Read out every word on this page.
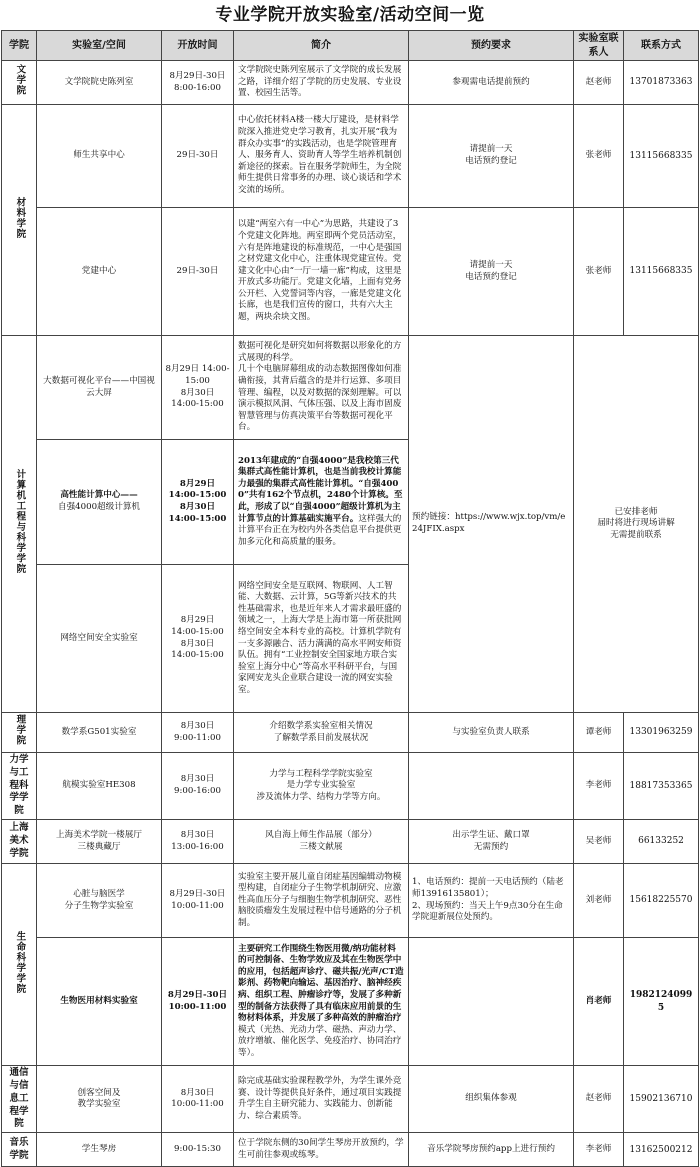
专业学院开放实验室/活动空间一览
学院	实验室/空间	开放时间	简介	预约要求	实验室联系人	联系方式
文学院	文学院院史陈列室	8月29日-30日
8:00-16:00	文学院院史陈列室展示了文学院的成长发展之路，详细介绍了学院的历史发展、专业设置、校园生活等。	参观需电话提前预约	赵老师	13701873363
材料学院	师生共享中心	29日-30日	中心依托材料A楼一楼大厅建设，是材料学院深入推进党史学习教育，扎实开展“我为群众办实事”的实践活动，也是学院管理育人、服务育人、资助育人等学生培养机制创新途径的探索。旨在服务学院师生，为全院师生提供日常事务的办理、谈心谈话和学术交流的场所。	请提前一天
电话预约登记	张老师	13115668335
	党建中心	29日-30日	以建“两室六有一中心”为思路，共建设了3个党建文化阵地。两室即两个党员活动室，六有是阵地建设的标准规范，一中心是强国之材党建文化中心，注重体现党建宣传。党建文化中心由“一厅一墙一廊”构成，这里是开放式多功能厅。党建文化墙，上面有党务公开栏、入党誓词等内容，一廊是党建文化长廊，也是我们宣传的窗口，共有六大主题，两块余块文图。	请提前一天
电话预约登记	张老师	13115668335
计算机工程与科学学院	大数据可视化平台——中国视云大屏	8月29日 14:00-15:00
8月30日
14:00-15:00	数据可视化是研究如何将数据以形象化的方式展现的科学。
几十个电脑屏幕组成的动态数据图像如何准确衔接，其背后蕴含的是并行运算、多项目管理、编程，以及对数据的深刻理解。可以演示模拟风洞、气体压强、以及上海市固废智慧管理与仿真决策平台等数据可视化平台。	预约链接：https://www.wjx.top/vm/e24JFIX.aspx	已安排老师
届时将进行现场讲解
无需提前联系	

	高性能计算中心——
自强4000超级计算机	8月29日
14:00-15:00
8月30日
14:00-15:00	2013年建成的“自强4000”是我校第三代集群式高性能计算机，也是当前我校计算能力最强的集群式高性能计算机。“自强4000”共有162个节点机，2480个计算核。至此，形成了以“自强4000”超级计算机为主计算节点的计算基础实施平台。这样强大的计算平台正在为校内外各类信息平台提供更加多元化和高质量的服务。			
	网络空间安全实验室	8月29日
14:00-15:00
8月30日
14:00-15:00	网络空间安全是互联网、物联网、人工智能、大数据、云计算，5G等新兴技术的共性基础需求，也是近年来人才需求最旺盛的领域之一，上海大学是上海市第一所获批网络空间安全本科专业的高校。计算机学院有一支多源融合、活力满满的高水平网安师资队伍。拥有“工业控制安全国家地方联合实验室上海分中心”等高水平科研平台，与国家网安龙头企业联合建设一流的网安实验室。			
理学院	数学系G501实验室	8月30日
9:00-11:00	介绍数学系实验室相关情况
了解数学系目前发展状况	与实验室负责人联系	谭老师	13301963259
力学与工程科学学院	航模实验室HE308	8月30日
9:00-16:00	力学与工程科学学院实验室
是力学专业实验室
涉及流体力学、结构力学等方向。		李老师	18817353365
上海美术学院	上海美术学院一楼展厅
三楼典藏厅	8月30日
13:00-16:00	风自海上师生作品展（部分）
三楼文献展	出示学生证、戴口罩
无需预约	吴老师	66133252
生命科学学院	心脏与脑医学
分子生物学实验室	8月29日-30日
10:00-11:00	实验室主要开展儿童自闭症基因编辑动物模型构建，自闭症分子生物学机制研究、应激性高血压分子与细胞生物学机制研究、恶性脑胶质瘤发生发展过程中信号通路的分子机制。	1、电话预约：提前一天电话预约（陆老师13916135801）；
2、现场预约：当天上午9点30分在生命学院迎新展位处预约。	刘老师	15618225570
	生物医用材料实验室	8月29日-30日
10:00-11:00	主要研究工作围绕生物医用微/纳功能材料的可控制备、生物学效应及其在生物医学中的应用，包括超声诊疗、磁共振/光声/CT造影剂、药物靶向输运、基因治疗、脑神经疾病、组织工程、肿瘤诊疗等，发展了多种新型的制备方法获得了具有临床应用前景的生物材料体系，并发展了多种高效的肿瘤治疗模式（光热、光动力学、磁热、声动力学、放疗增敏、催化医学、免疫治疗、协同治疗等）。		肖老师	19821240995
通信与信息工程学院	创客空间及
教学实验室	8月30日
10:00-11:00	除完成基础实验课程教学外，为学生课外竞赛、设计等提供良好条件，通过项目实践提升学生自主研究能力、实践能力、创新能力、综合素质等。	组织集体参观	赵老师	15902136710
音乐学院	学生琴房	9:00-15:30	位于学院东侧的30间学生琴房开放预约，学生可前往参观或练琴。	音乐学院琴房预约app上进行预约	李老师	13162500212
